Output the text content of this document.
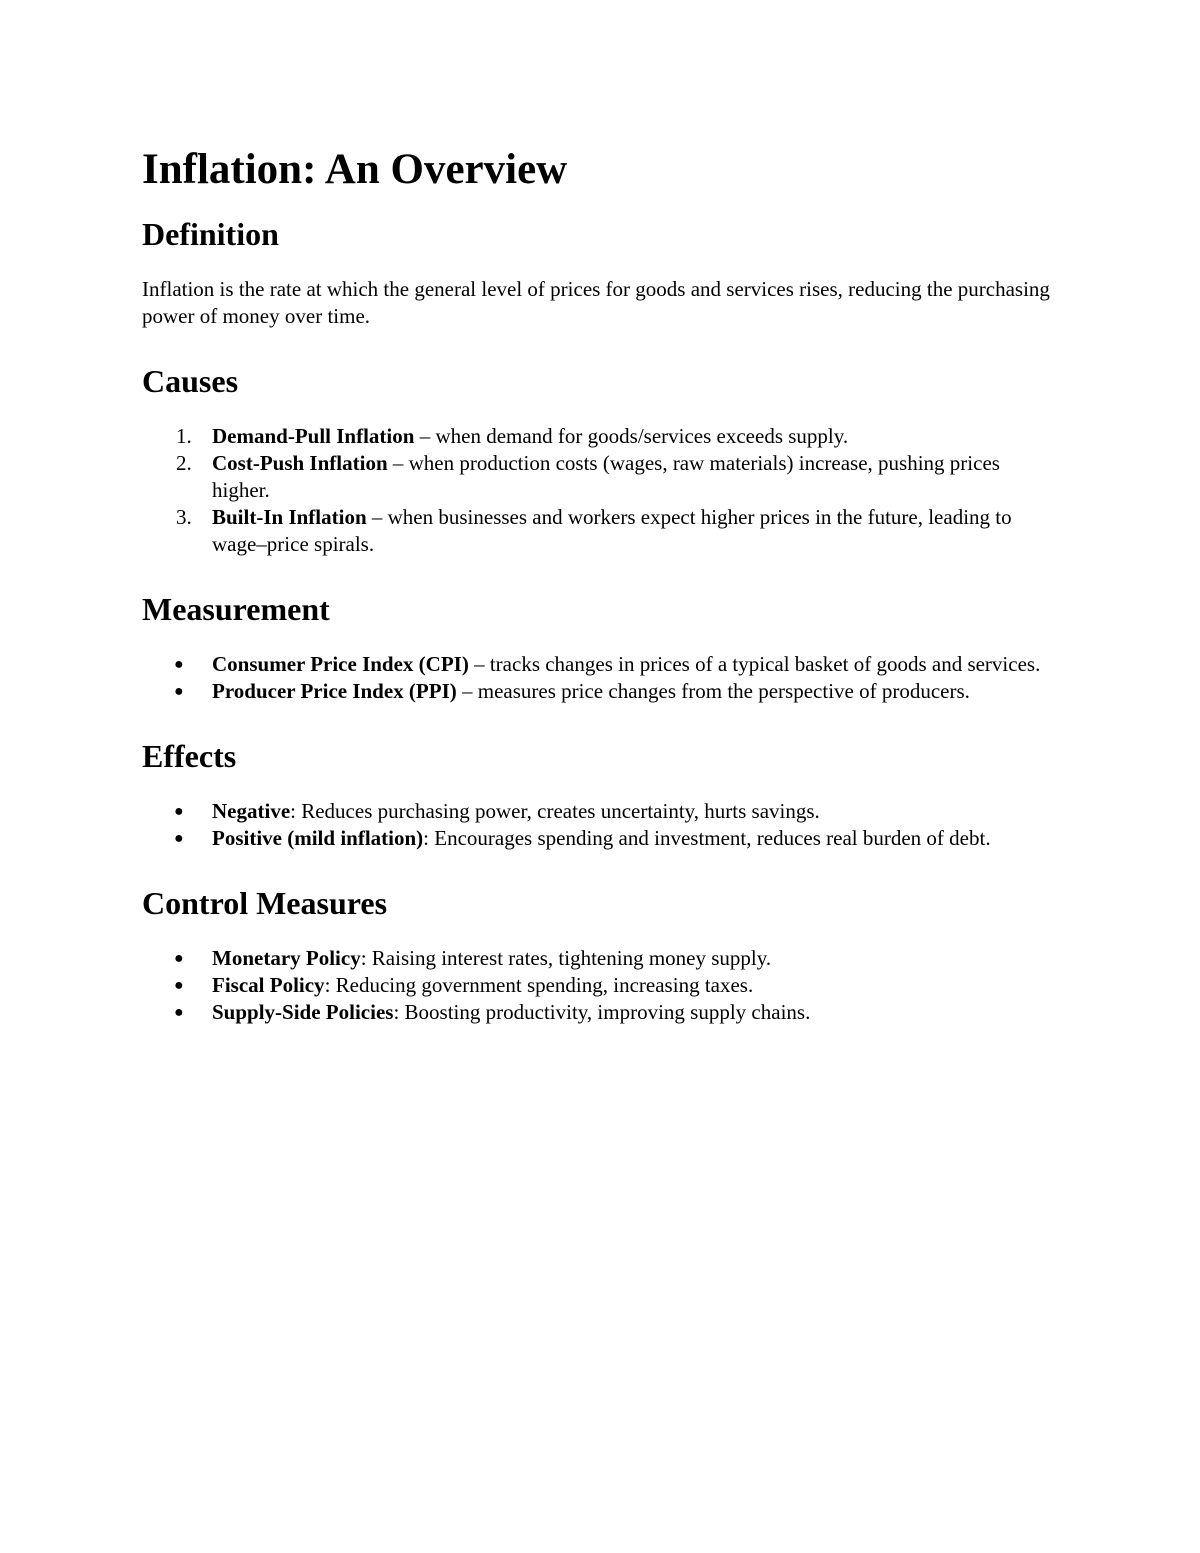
Inflation: An Overview
Definition

Inflation is the rate at which the general level of prices for goods and services rises, reducing the purchasing power of money over time.

Causes
1. Demand-Pull Inflation – when demand for goods/services exceeds supply.
2. Cost-Push Inflation – when production costs (wages, raw materials) increase, pushing prices higher.
3. Built-In Inflation – when businesses and workers expect higher prices in the future, leading to wage–price spirals.
Measurement
● Consumer Price Index (CPI) – tracks changes in prices of a typical basket of goods and services.
● Producer Price Index (PPI) – measures price changes from the perspective of producers.
Effects
● Negative: Reduces purchasing power, creates uncertainty, hurts savings.
● Positive (mild inflation): Encourages spending and investment, reduces real burden of debt.
Control Measures
● Monetary Policy: Raising interest rates, tightening money supply.
● Fiscal Policy: Reducing government spending, increasing taxes.
● Supply-Side Policies: Boosting productivity, improving supply chains.
